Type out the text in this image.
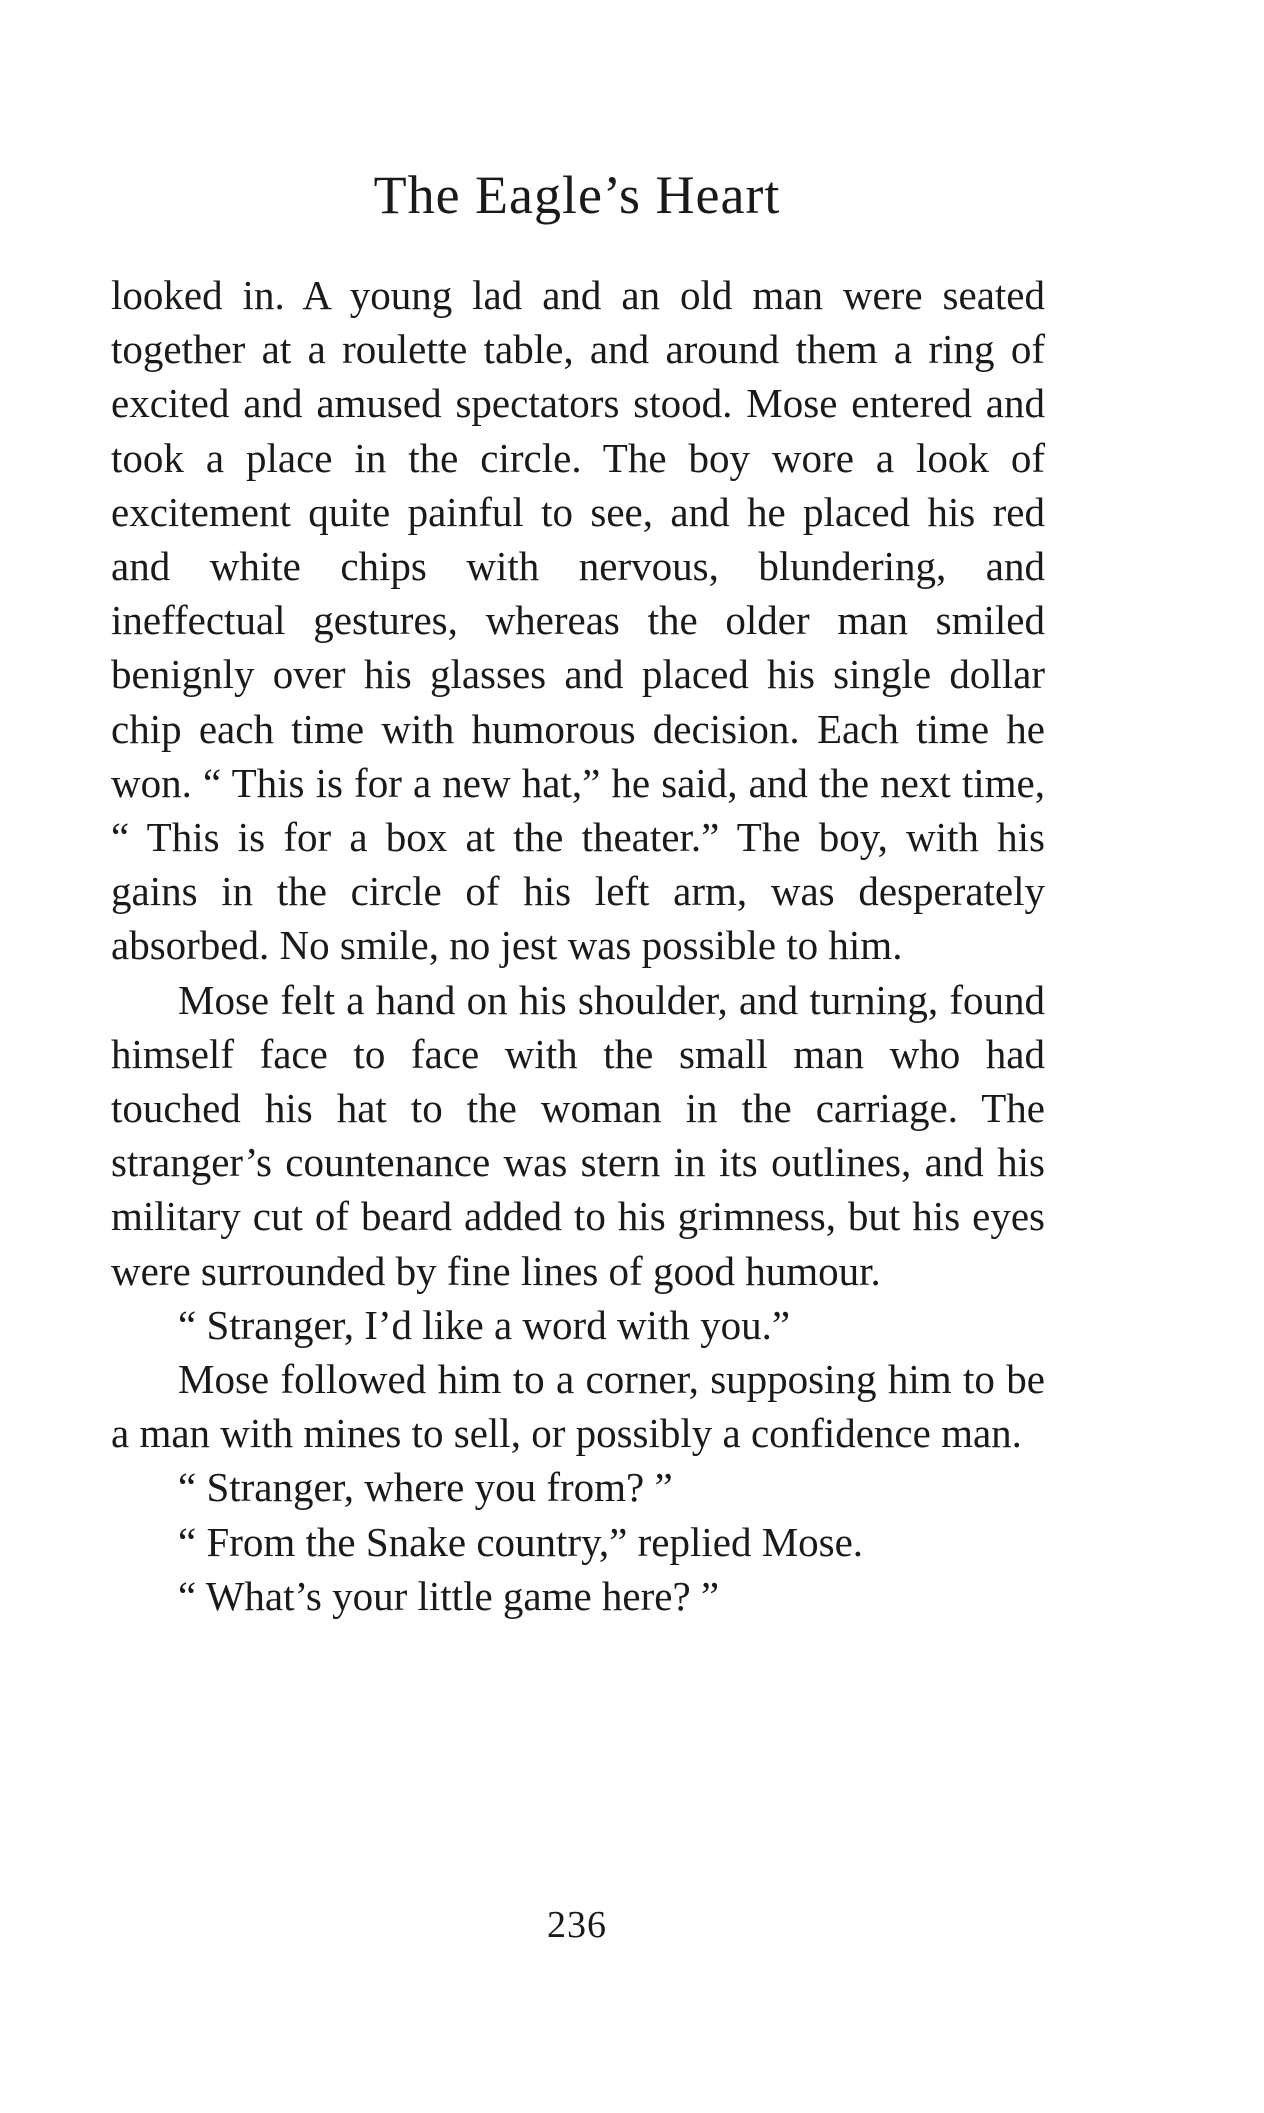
The Eagle’s Heart

looked in. A young lad and an old man were seated together at a roulette table, and around them a ring of excited and amused spectators stood. Mose entered and took a place in the circle. The boy wore a look of excitement quite painful to see, and he placed his red and white chips with nervous, blundering, and ineffectual gestures, whereas the older man smiled benignly over his glasses and placed his single dollar chip each time with humorous decision. Each time he won. “ This is for a new hat,” he said, and the next time, “ This is for a box at the theater.” The boy, with his gains in the circle of his left arm, was desperately absorbed. No smile, no jest was possible to him.

Mose felt a hand on his shoulder, and turning, found himself face to face with the small man who had touched his hat to the woman in the carriage. The stranger’s countenance was stern in its outlines, and his military cut of beard added to his grimness, but his eyes were surrounded by fine lines of good humour.

“ Stranger, I’d like a word with you.”

Mose followed him to a corner, supposing him to be a man with mines to sell, or possibly a confidence man.

“ Stranger, where you from? ”

“ From the Snake country,” replied Mose.

“ What’s your little game here? ”

236
